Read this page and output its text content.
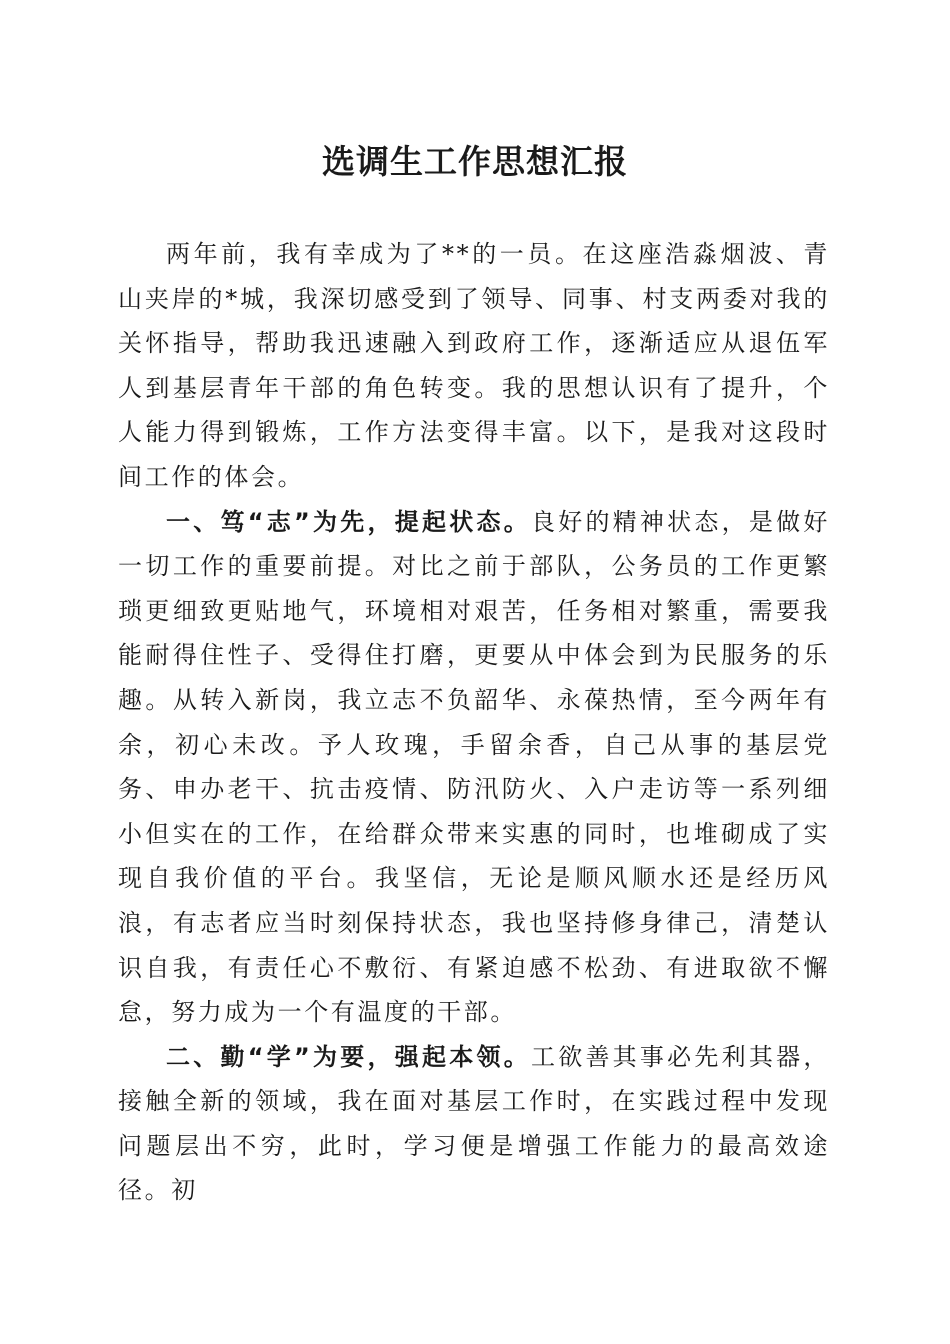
选调生工作思想汇报

两年前，我有幸成为了**的一员。在这座浩淼烟波、青山夹岸的*城，我深切感受到了领导、同事、村支两委对我的关怀指导，帮助我迅速融入到政府工作，逐渐适应从退伍军人到基层青年干部的角色转变。我的思想认识有了提升，个人能力得到锻炼，工作方法变得丰富。以下，是我对这段时间工作的体会。

一、笃“志”为先，提起状态。良好的精神状态，是做好一切工作的重要前提。对比之前于部队，公务员的工作更繁琐更细致更贴地气，环境相对艰苦，任务相对繁重，需要我能耐得住性子、受得住打磨，更要从中体会到为民服务的乐趣。从转入新岗，我立志不负韶华、永葆热情，至今两年有余，初心未改。予人玫瑰，手留余香，自己从事的基层党务、申办老干、抗击疫情、防汛防火、入户走访等一系列细小但实在的工作，在给群众带来实惠的同时，也堆砌成了实现自我价值的平台。我坚信，无论是顺风顺水还是经历风浪，有志者应当时刻保持状态，我也坚持修身律己，清楚认识自我，有责任心不敷衍、有紧迫感不松劲、有进取欲不懈怠，努力成为一个有温度的干部。

二、勤“学”为要，强起本领。工欲善其事必先利其器，接触全新的领域，我在面对基层工作时，在实践过程中发现问题层出不穷，此时，学习便是增强工作能力的最高效途径。初
